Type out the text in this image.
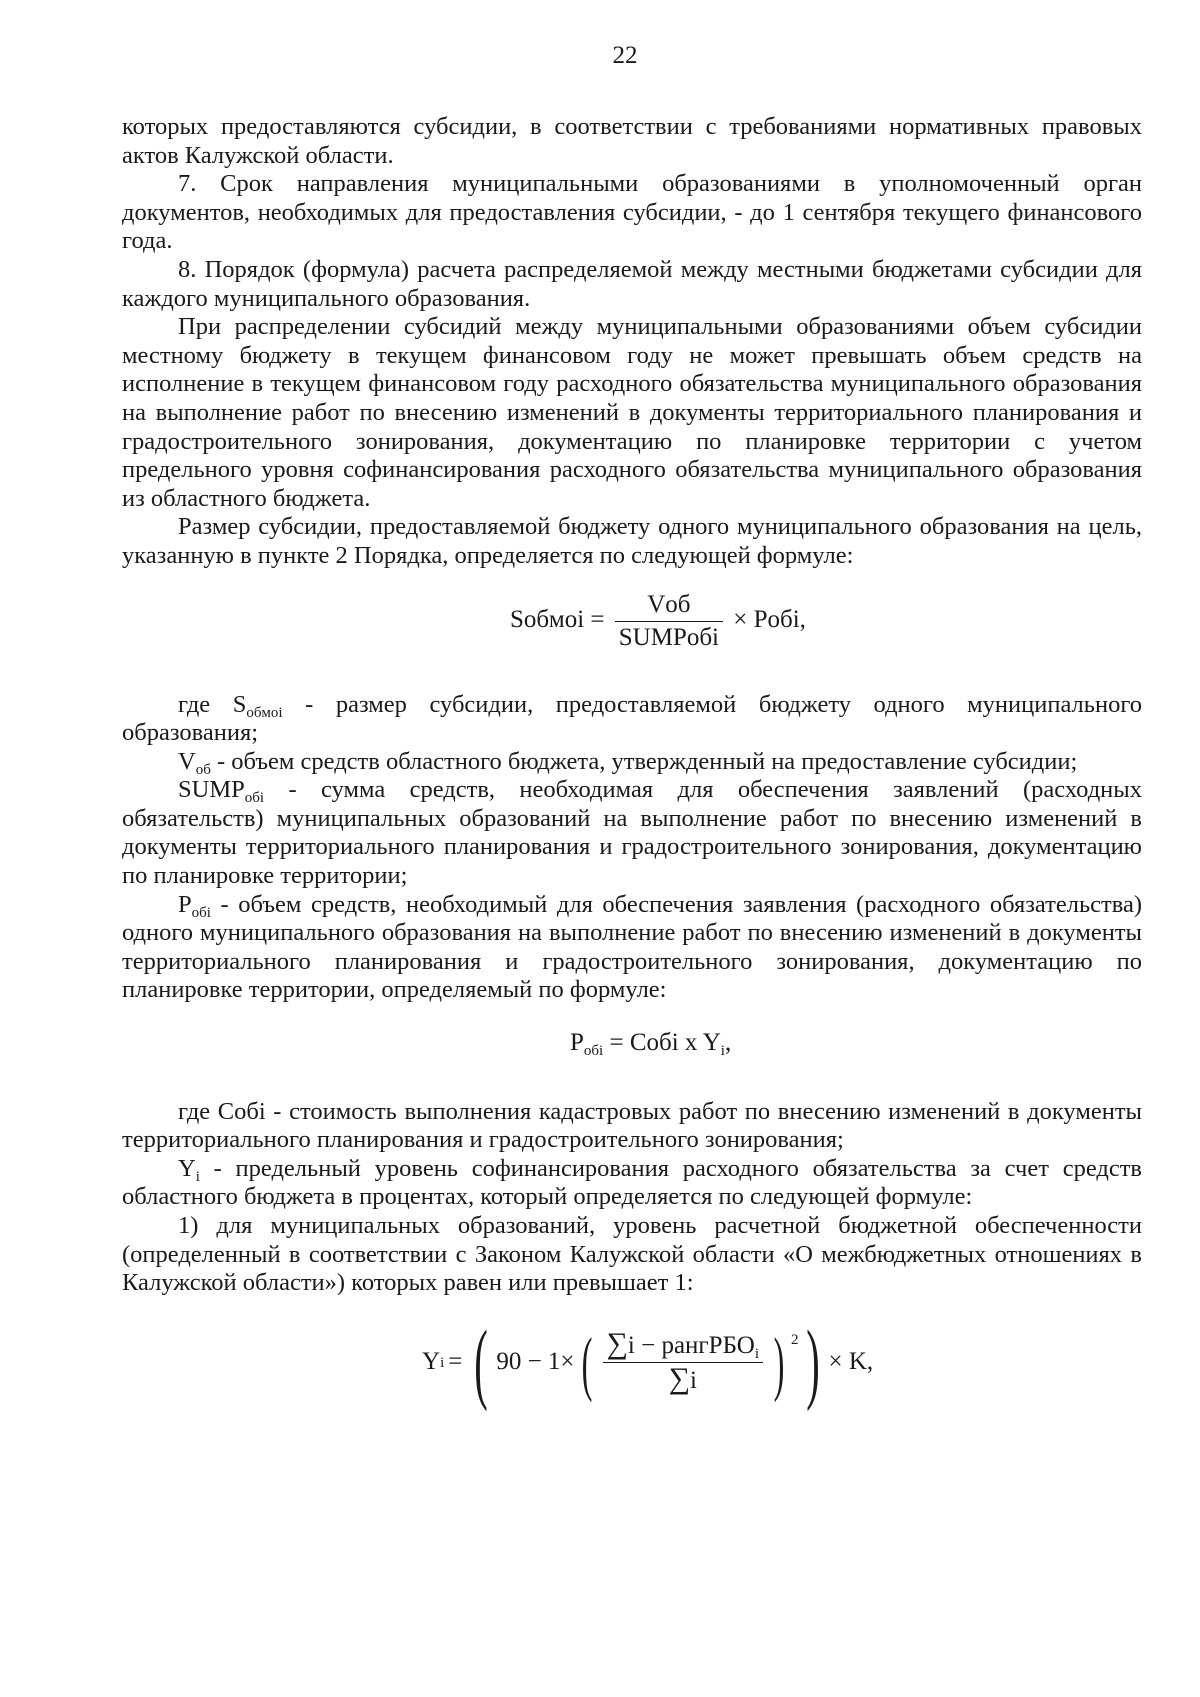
22

которых предоставляются субсидии, в соответствии с требованиями нормативных правовых актов Калужской области.

7. Срок направления муниципальными образованиями в уполномоченный орган документов, необходимых для предоставления субсидии, - до 1 сентября текущего финансового года.

8. Порядок (формула) расчета распределяемой между местными бюджетами субсидии для каждого муниципального образования.

При распределении субсидий между муниципальными образованиями объем субсидии местному бюджету в текущем финансовом году не может превышать объем средств на исполнение в текущем финансовом году расходного обязательства муниципального образования на выполнение работ по внесению изменений в документы территориального планирования и градостроительного зонирования, документацию по планировке территории с учетом предельного уровня софинансирования расходного обязательства муниципального образования из областного бюджета.

Размер субсидии, предоставляемой бюджету одного муниципального образования на цель, указанную в пункте 2 Порядка, определяется по следующей формуле:

Sобмоi = $\frac{\text{Vоб}}{\text{SUMPобi}}$ × Pобi,

где $S_{обмоi}$ - размер субсидии, предоставляемой бюджету одного муниципального образования;

$V_{об}$ - объем средств областного бюджета, утвержденный на предоставление субсидии;

$SUMP_{обi}$ - сумма средств, необходимая для обеспечения заявлений (расходных обязательств) муниципальных образований на выполнение работ по внесению изменений в документы территориального планирования и градостроительного зонирования, документацию по планировке территории;

$P_{обi}$ - объем средств, необходимый для обеспечения заявления (расходного обязательства) одного муниципального образования на выполнение работ по внесению изменений в документы территориального планирования и градостроительного зонирования, документацию по планировке территории, определяемый по формуле:

$P_{обi}$ = Cобi x $Y_i$,

где Cобi - стоимость выполнения кадастровых работ по внесению изменений в документы территориального планирования и градостроительного зонирования;

$Y_i$ - предельный уровень софинансирования расходного обязательства за счет средств областного бюджета в процентах, который определяется по следующей формуле:

1) для муниципальных образований, уровень расчетной бюджетной обеспеченности (определенный в соответствии с Законом Калужской области «О межбюджетных отношениях в Калужской области») которых равен или превышает 1:

Y i = ( 90 − 1× ( $\frac{\sum i - рангРБО_i}{\sum i}$ ) $^2$ ) × K,
